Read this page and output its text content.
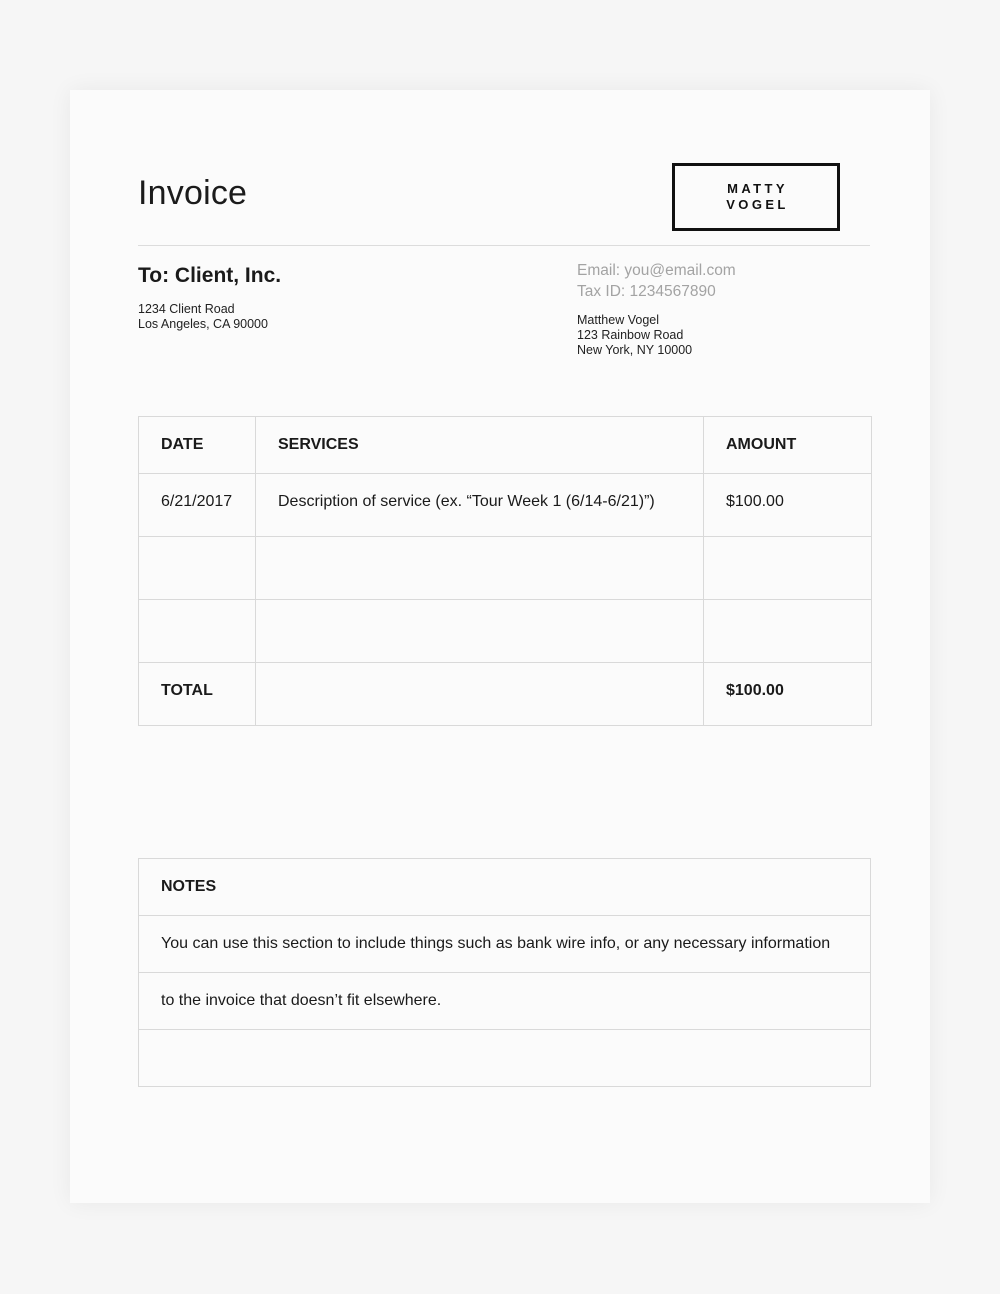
Invoice	MATTY
VOGEL
To: Client, Inc.
1234 Client Road
Los Angeles, CA 90000
Email: you@email.com
Tax ID: 1234567890
Matthew Vogel
123 Rainbow Road
New York, NY 10000
DATE	SERVICES	AMOUNT
6/21/2017	Description of service (ex. “Tour Week 1 (6/14-6/21)”)	$100.00

TOTAL		$100.00
NOTES
You can use this section to include things such as bank wire info, or any necessary information
to the invoice that doesn’t fit elsewhere.
